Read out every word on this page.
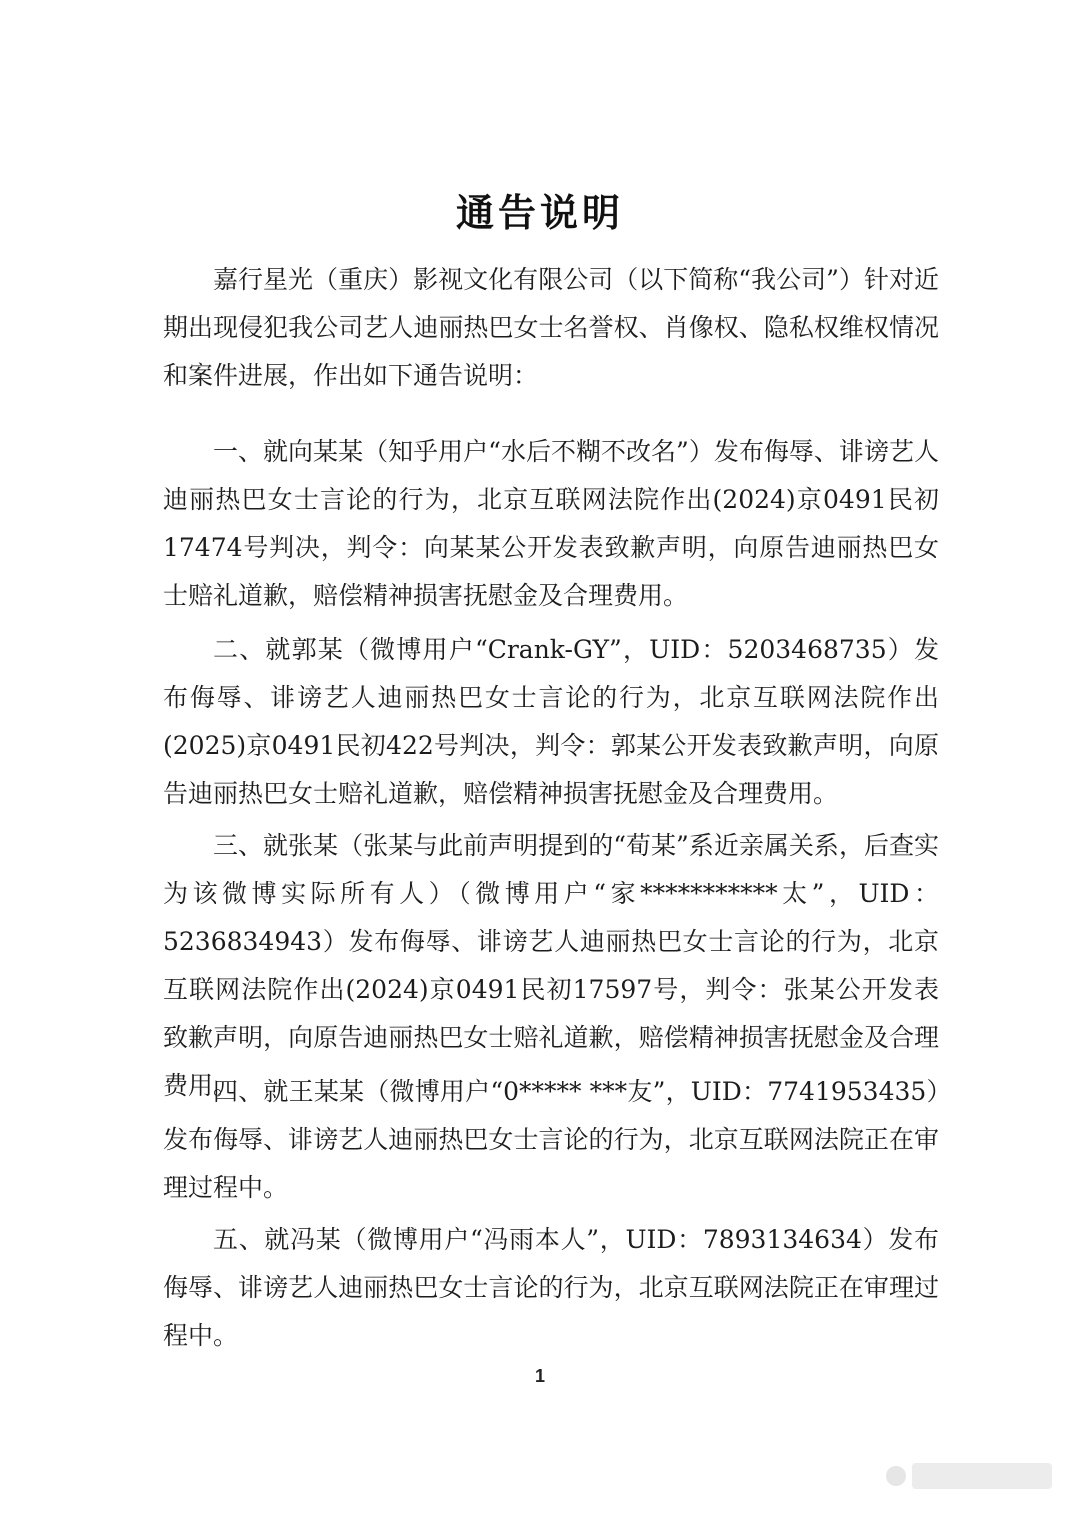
通告说明

嘉行星光（重庆）影视文化有限公司（以下简称“我公司”）针对近期出现侵犯我公司艺人迪丽热巴女士名誉权、肖像权、隐私权维权情况和案件进展，作出如下通告说明：

一、就向某某（知乎用户“水后不糊不改名”）发布侮辱、诽谤艺人迪丽热巴女士言论的行为，北京互联网法院作出(2024)京0491民初17474号判决，判令：向某某公开发表致歉声明，向原告迪丽热巴女士赔礼道歉，赔偿精神损害抚慰金及合理费用。

二、就郭某（微博用户“Crank-GY”，UID：5203468735）发布侮辱、诽谤艺人迪丽热巴女士言论的行为，北京互联网法院作出(2025)京0491民初422号判决，判令：郭某公开发表致歉声明，向原告迪丽热巴女士赔礼道歉，赔偿精神损害抚慰金及合理费用。

三、就张某（张某与此前声明提到的“荀某”系近亲属关系，后查实为该微博实际所有人）（微博用户“家***********太”，UID：5236834943）发布侮辱、诽谤艺人迪丽热巴女士言论的行为，北京互联网法院作出(2024)京0491民初17597号，判令：张某公开发表致歉声明，向原告迪丽热巴女士赔礼道歉，赔偿精神损害抚慰金及合理费用。

四、就王某某（微博用户“0***** ***友”，UID：7741953435）发布侮辱、诽谤艺人迪丽热巴女士言论的行为，北京互联网法院正在审理过程中。

五、就冯某（微博用户“冯雨本人”，UID：7893134634）发布侮辱、诽谤艺人迪丽热巴女士言论的行为，北京互联网法院正在审理过程中。

1
